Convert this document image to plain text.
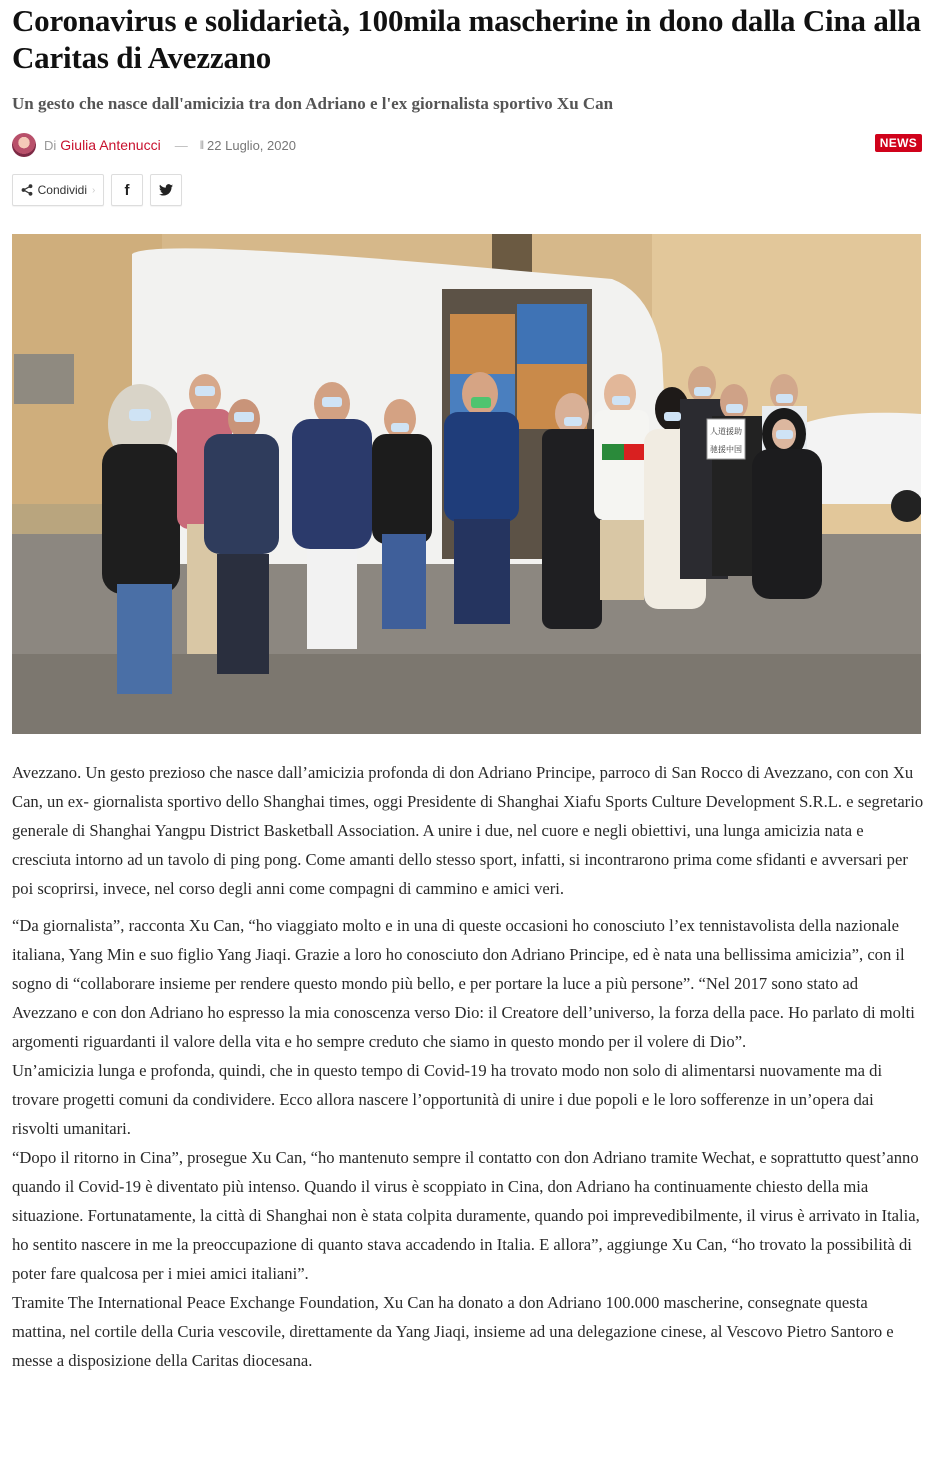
Coronavirus e solidarietà, 100mila mascherine in dono dalla Cina alla Caritas di Avezzano
Un gesto che nasce dall'amicizia tra don Adriano e l'ex giornalista sportivo Xu Can
Di Giulia Antenucci — ll 22 Luglio, 2020	NEWS
Condividi › f
人道援助
驰援中国

Avezzano. Un gesto prezioso che nasce dall’amicizia profonda di don Adriano Principe, parroco di San Rocco di Avezzano, con con Xu Can, un ex- giornalista sportivo dello Shanghai times, oggi Presidente di Shanghai Xiafu Sports Culture Development S.R.L. e segretario generale di Shanghai Yangpu District Basketball Association. A unire i due, nel cuore e negli obiettivi, una lunga amicizia nata e cresciuta intorno ad un tavolo di ping pong. Come amanti dello stesso sport, infatti, si incontrarono prima come sfidanti e avversari per poi scoprirsi, invece, nel corso degli anni come compagni di cammino e amici veri.

“Da giornalista”, racconta Xu Can, “ho viaggiato molto e in una di queste occasioni ho conosciuto l’ex tennistavolista della nazionale italiana, Yang Min e suo figlio Yang Jiaqi. Grazie a loro ho conosciuto don Adriano Principe, ed è nata una bellissima amicizia”, con il sogno di “collaborare insieme per rendere questo mondo più bello, e per portare la luce a più persone”. “Nel 2017 sono stato ad Avezzano e con don Adriano ho espresso la mia conoscenza verso Dio: il Creatore dell’universo, la forza della pace. Ho parlato di molti argomenti riguardanti il valore della vita e ho sempre creduto che siamo in questo mondo per il volere di Dio”.

Un’amicizia lunga e profonda, quindi, che in questo tempo di Covid-19 ha trovato modo non solo di alimentarsi nuovamente ma di trovare progetti comuni da condividere. Ecco allora nascere l’opportunità di unire i due popoli e le loro sofferenze in un’opera dai risvolti umanitari.

“Dopo il ritorno in Cina”, prosegue Xu Can, “ho mantenuto sempre il contatto con don Adriano tramite Wechat, e soprattutto quest’anno quando il Covid-19 è diventato più intenso. Quando il virus è scoppiato in Cina, don Adriano ha continuamente chiesto della mia situazione. Fortunatamente, la città di Shanghai non è stata colpita duramente, quando poi imprevedibilmente, il virus è arrivato in Italia, ho sentito nascere in me la preoccupazione di quanto stava accadendo in Italia. E allora”, aggiunge Xu Can, “ho trovato la possibilità di poter fare qualcosa per i miei amici italiani”.

Tramite The International Peace Exchange Foundation, Xu Can ha donato a don Adriano 100.000 mascherine, consegnate questa mattina, nel cortile della Curia vescovile, direttamente da Yang Jiaqi, insieme ad una delegazione cinese, al Vescovo Pietro Santoro e messe a disposizione della Caritas diocesana.
